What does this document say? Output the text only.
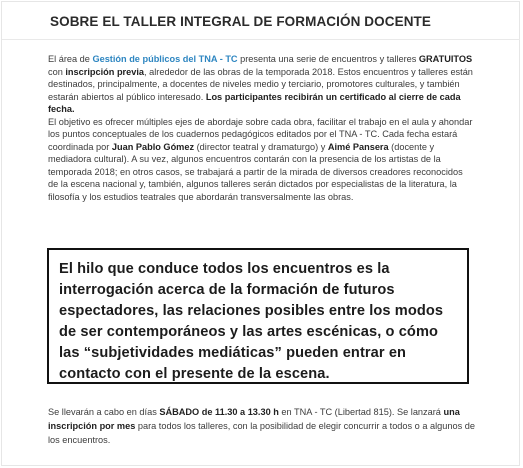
SOBRE EL TALLER INTEGRAL DE FORMACIÓN DOCENTE

El área de Gestión de públicos del TNA - TC presenta una serie de encuentros y talleres GRATUITOS con inscripción previa, alrededor de las obras de la temporada 2018. Estos encuentros y talleres están destinados, principalmente, a docentes de niveles medio y terciario, promotores culturales, y también estarán abiertos al público interesado. Los participantes recibirán un certificado al cierre de cada fecha.

El objetivo es ofrecer múltiples ejes de abordaje sobre cada obra, facilitar el trabajo en el aula y ahondar los puntos conceptuales de los cuadernos pedagógicos editados por el TNA - TC. Cada fecha estará coordinada por Juan Pablo Gómez (director teatral y dramaturgo) y Aimé Pansera (docente y mediadora cultural). A su vez, algunos encuentros contarán con la presencia de los artistas de la temporada 2018; en otros casos, se trabajará a partir de la mirada de diversos creadores reconocidos de la escena nacional y, también, algunos talleres serán dictados por especialistas de la literatura, la filosofía y los estudios teatrales que abordarán transversalmente las obras.

El hilo que conduce todos los encuentros es la interrogación acerca de la formación de futuros espectadores, las relaciones posibles entre los modos de ser contemporáneos y las artes escénicas, o cómo las “subjetividades mediáticas” pueden entrar en contacto con el presente de la escena.

Se llevarán a cabo en días SÁBADO de 11.30 a 13.30 h en TNA - TC (Libertad 815). Se lanzará una inscripción por mes para todos los talleres, con la posibilidad de elegir concurrir a todos o a algunos de los encuentros.
